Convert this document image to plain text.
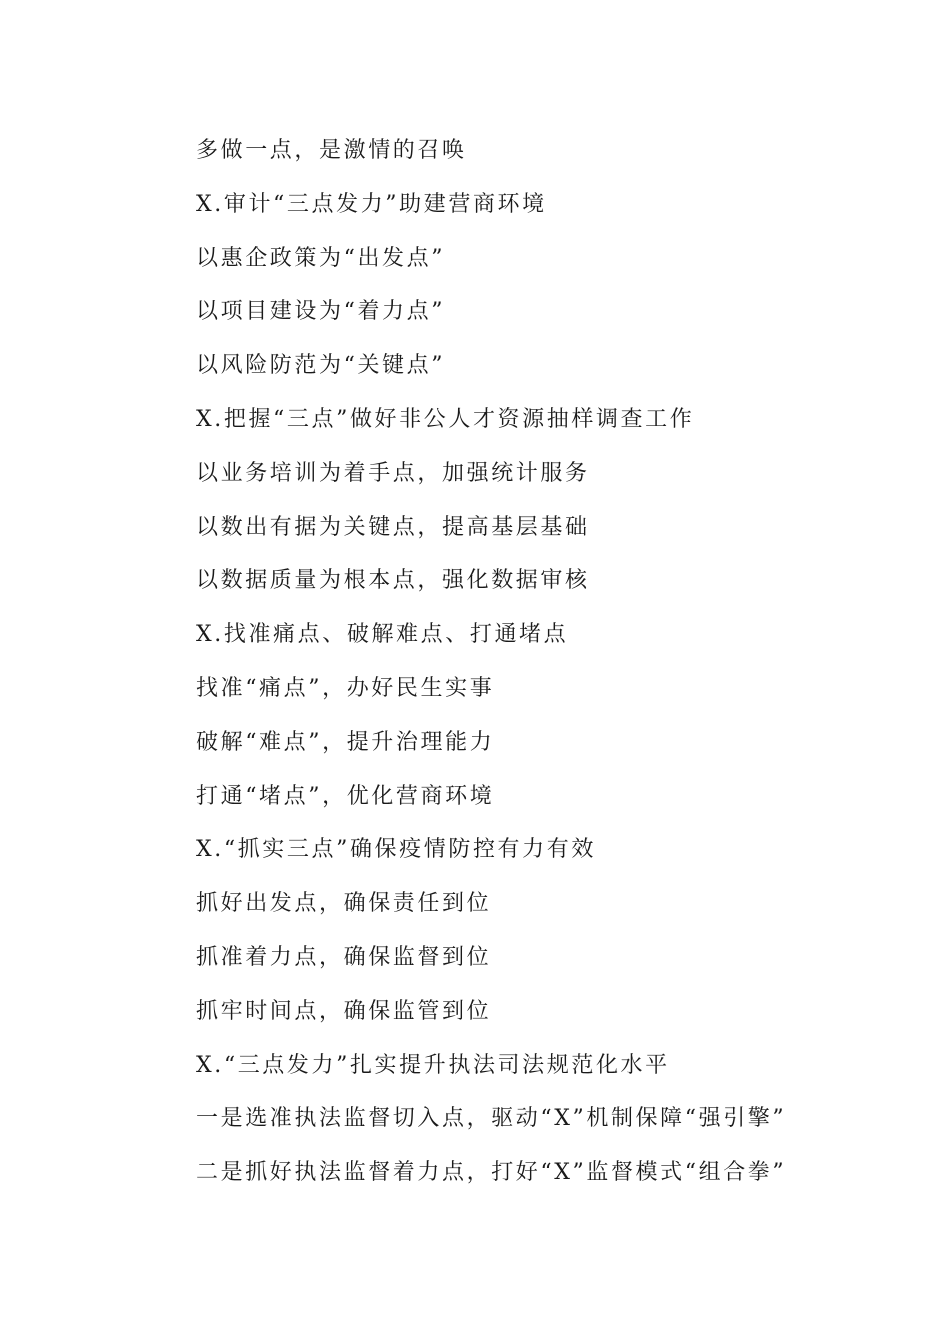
多做一点，是激情的召唤
X.审计“三点发力”助建营商环境
以惠企政策为“出发点”
以项目建设为“着力点”
以风险防范为“关键点”
X.把握“三点”做好非公人才资源抽样调查工作
以业务培训为着手点，加强统计服务
以数出有据为关键点，提高基层基础
以数据质量为根本点，强化数据审核
X.找准痛点、破解难点、打通堵点
找准“痛点”，办好民生实事
破解“难点”，提升治理能力
打通“堵点”，优化营商环境
X.“抓实三点”确保疫情防控有力有效
抓好出发点，确保责任到位
抓准着力点，确保监督到位
抓牢时间点，确保监管到位
X.“三点发力”扎实提升执法司法规范化水平
一是选准执法监督切入点，驱动“X”机制保障“强引擎”
二是抓好执法监督着力点，打好“X”监督模式“组合拳”
